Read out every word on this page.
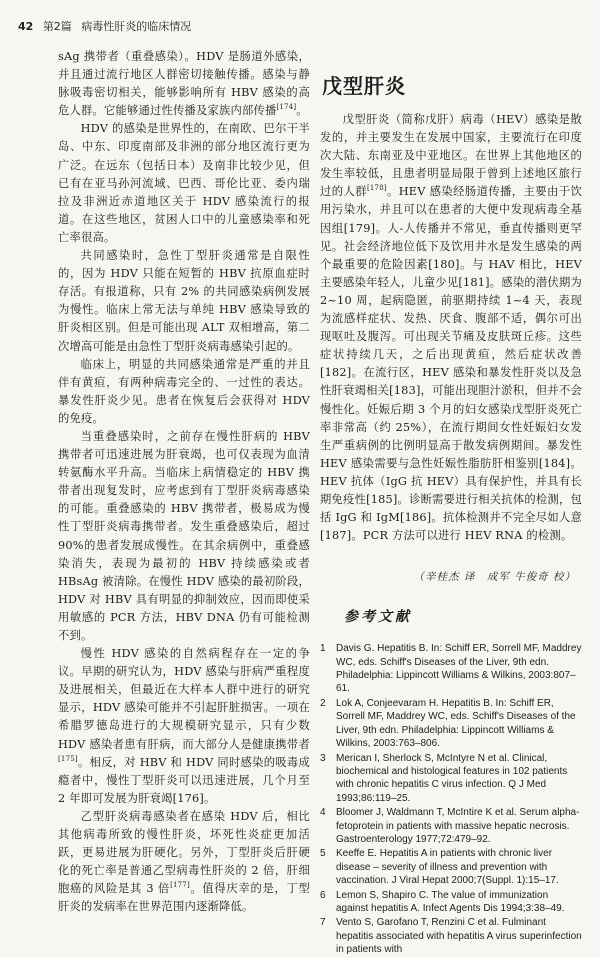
42 第2篇 病毒性肝炎的临床情况

sAg 携带者（重叠感染）。HDV 是肠道外感染，并且通过流行地区人群密切接触传播。感染与静脉吸毒密切相关，能够影响所有 HBV 感染的高危人群。它能够通过性传播及家族内部传播[174]。

HDV 的感染是世界性的，在南欧、巴尔干半岛、中东、印度南部及非洲的部分地区流行更为广泛。在远东（包括日本）及南非比较少见，但已有在亚马孙河流域、巴西、哥伦比亚、委内瑞拉及非洲近赤道地区关于 HDV 感染流行的报道。在这些地区，贫困人口中的儿童感染率和死亡率很高。

共同感染时，急性丁型肝炎通常是自限性的，因为 HDV 只能在短暂的 HBV 抗原血症时存活。有报道称，只有 2% 的共同感染病例发展为慢性。临床上常无法与单纯 HBV 感染导致的肝炎相区别。但是可能出现 ALT 双相增高，第二次增高可能是由急性丁型肝炎病毒感染引起的。

临床上，明显的共同感染通常是严重的并且伴有黄疸，有两种病毒完全的、一过性的表达。暴发性肝炎少见。患者在恢复后会获得对 HDV 的免疫。

当重叠感染时，之前存在慢性肝病的 HBV 携带者可迅速进展为肝衰竭，也可仅表现为血清转氨酶水平升高。当临床上病情稳定的 HBV 携带者出现复发时，应考虑到有丁型肝炎病毒感染的可能。重叠感染的 HBV 携带者，极易成为慢性丁型肝炎病毒携带者。发生重叠感染后，超过 90%的患者发展成慢性。在其余病例中，重叠感染消失，表现为最初的 HBV 持续感染或者 HBsAg 被清除。在慢性 HDV 感染的最初阶段，HDV 对 HBV 具有明显的抑制效应，因而即使采用敏感的 PCR 方法，HBV DNA 仍有可能检测不到。

慢性 HDV 感染的自然病程存在一定的争议。早期的研究认为，HDV 感染与肝病严重程度及进展相关，但最近在大样本人群中进行的研究显示，HDV 感染可能并不引起肝脏损害。一项在希腊罗德岛进行的大规模研究显示，只有少数 HDV 感染者患有肝病，而大部分人是健康携带者[175]。相反，对 HBV 和 HDV 同时感染的吸毒成瘾者中，慢性丁型肝炎可以迅速进展，几个月至 2 年即可发展为肝衰竭[176]。

乙型肝炎病毒感染者在感染 HDV 后，相比其他病毒所致的慢性肝炎，坏死性炎症更加活跃，更易进展为肝硬化。另外，丁型肝炎后肝硬化的死亡率是普通乙型病毒性肝炎的 2 倍，肝细胞癌的风险是其 3 倍[177]。值得庆幸的是，丁型肝炎的发病率在世界范围内逐渐降低。

戊型肝炎

戊型肝炎（简称戊肝）病毒（HEV）感染是散发的，并主要发生在发展中国家，主要流行在印度次大陆、东南亚及中亚地区。在世界上其他地区的发生率较低，且患者明显局限于曾到上述地区旅行过的人群[178]。HEV 感染经肠道传播，主要由于饮用污染水，并且可以在患者的大便中发现病毒全基因组[179]。人-人传播并不常见，垂直传播则更罕见。社会经济地位低下及饮用井水是发生感染的两个最重要的危险因素[180]。与 HAV 相比，HEV 主要感染年轻人，儿童少见[181]。感染的潜伏期为 2~10 周，起病隐匿，前驱期持续 1~4 天，表现为流感样症状、发热、厌食、腹部不适，偶尔可出现呕吐及腹泻。可出现关节痛及皮肤斑丘疹。这些症状持续几天，之后出现黄疸，然后症状改善[182]。在流行区，HEV 感染和暴发性肝炎以及急性肝衰竭相关[183]，可能出现胆汁淤积，但并不会慢性化。妊娠后期 3 个月的妇女感染戊型肝炎死亡率非常高（约 25%），在流行期间女性妊娠妇女发生严重病例的比例明显高于散发病例期间。暴发性 HEV 感染需要与急性妊娠性脂肪肝相鉴别[184]。HEV 抗体（IgG 抗 HEV）具有保护性，并具有长期免疫性[185]。诊断需要进行相关抗体的检测，包括 IgG 和 IgM[186]。抗体检测并不完全尽如人意[187]。PCR 方法可以进行 HEV RNA 的检测。

（辛桂杰 译　成军 牛俊奇 校）
参考文献
1 Davis G. Hepatitis B. In: Schiff ER, Sorrell MF, Maddrey WC, eds. Schiff's Diseases of the Liver, 9th edn. Philadelphia: Lippincott Williams & Wilkins, 2003:807–61.
2 Lok A, Conjeevaram H. Hepatitis B. In: Schiff ER, Sorrell MF, Maddrey WC, eds. Schiff's Diseases of the Liver, 9th edn. Philadelphia: Lippincott Williams & Wilkins, 2003:763–806.
3 Merican I, Sherlock S, McIntyre N et al. Clinical, biochemical and histological features in 102 patients with chronic hepatitis C virus infection. Q J Med 1993;86:119–25.
4 Bloomer J, Waldmann T, McIntire K et al. Serum alpha-fetoprotein in patients with massive hepatic necrosis. Gastroenterology 1977;72:479–92.
5 Keeffe E. Hepatitis A in patients with chronic liver disease – severity of illness and prevention with vaccination. J Viral Hepat 2000;7(Suppl. 1):15–17.
6 Lemon S, Shapiro C. The value of immunization against hepatitis A. Infect Agents Dis 1994;3:38–49.
7 Vento S, Garofano T, Renzini C et al. Fulminant hepatitis associated with hepatitis A virus superinfection in patients with
